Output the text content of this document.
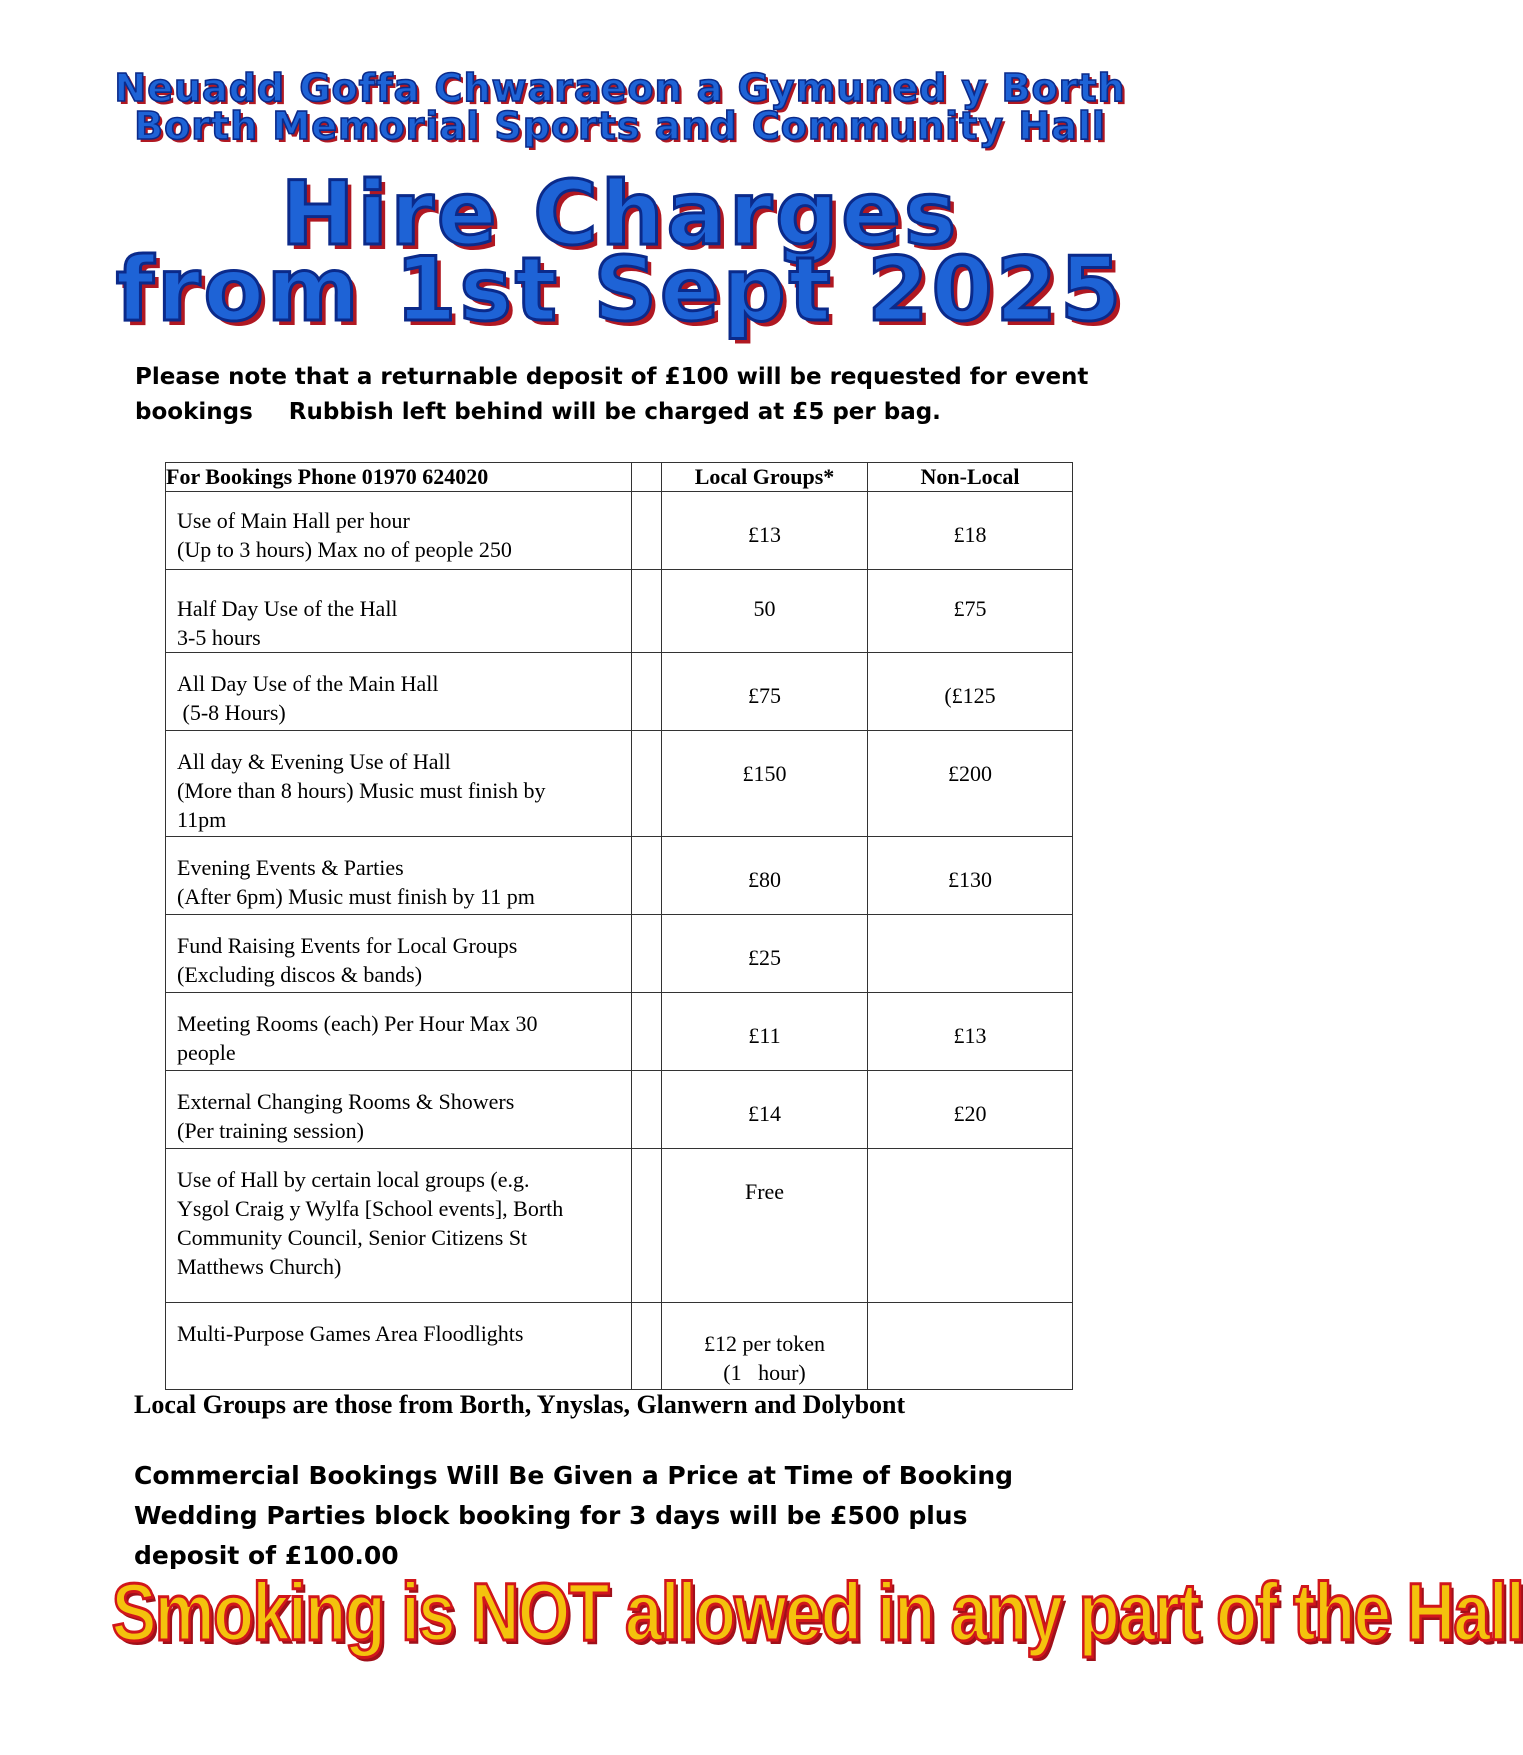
Neuadd Goffa Chwaraeon a Gymuned y Borth
Borth Memorial Sports and Community Hall
Hire Charges
from 1st Sept 2025
Please note that a returnable deposit of £100 will be requested for event bookings Rubbish left behind will be charged at £5 per bag.
For Bookings Phone 01970 624020		Local Groups*	Non-Local

Use of Main Hall per hour
(Up to 3 hours) Max no of people 250		£13	£18

Half Day Use of the Hall
3-5 hours		50	£75

All Day Use of the Main Hall
(5-8 Hours)		£75	(£125

All day & Evening Use of Hall
(More than 8 hours) Music must finish by
11pm		£150	£200

Evening Events & Parties
(After 6pm) Music must finish by 11 pm		£80	£130

Fund Raising Events for Local Groups
(Excluding discos & bands)		£25	

Meeting Rooms (each) Per Hour Max 30
people		£11	£13

External Changing Rooms & Showers
(Per training session)		£14	£20

Use of Hall by certain local groups (e.g.
Ysgol Craig y Wylfa [School events], Borth
Community Council, Senior Citizens St
Matthews Church)		Free	

Multi-Purpose Games Area Floodlights		£12 per token
(1   hour)	

Local Groups are those from Borth, Ynyslas, Glanwern and Dolybont
Commercial Bookings Will Be Given a Price at Time of Booking
Wedding Parties block booking for 3 days will be £500 plus
deposit of £100.00
Smoking is NOT allowed in any part of the Hall
